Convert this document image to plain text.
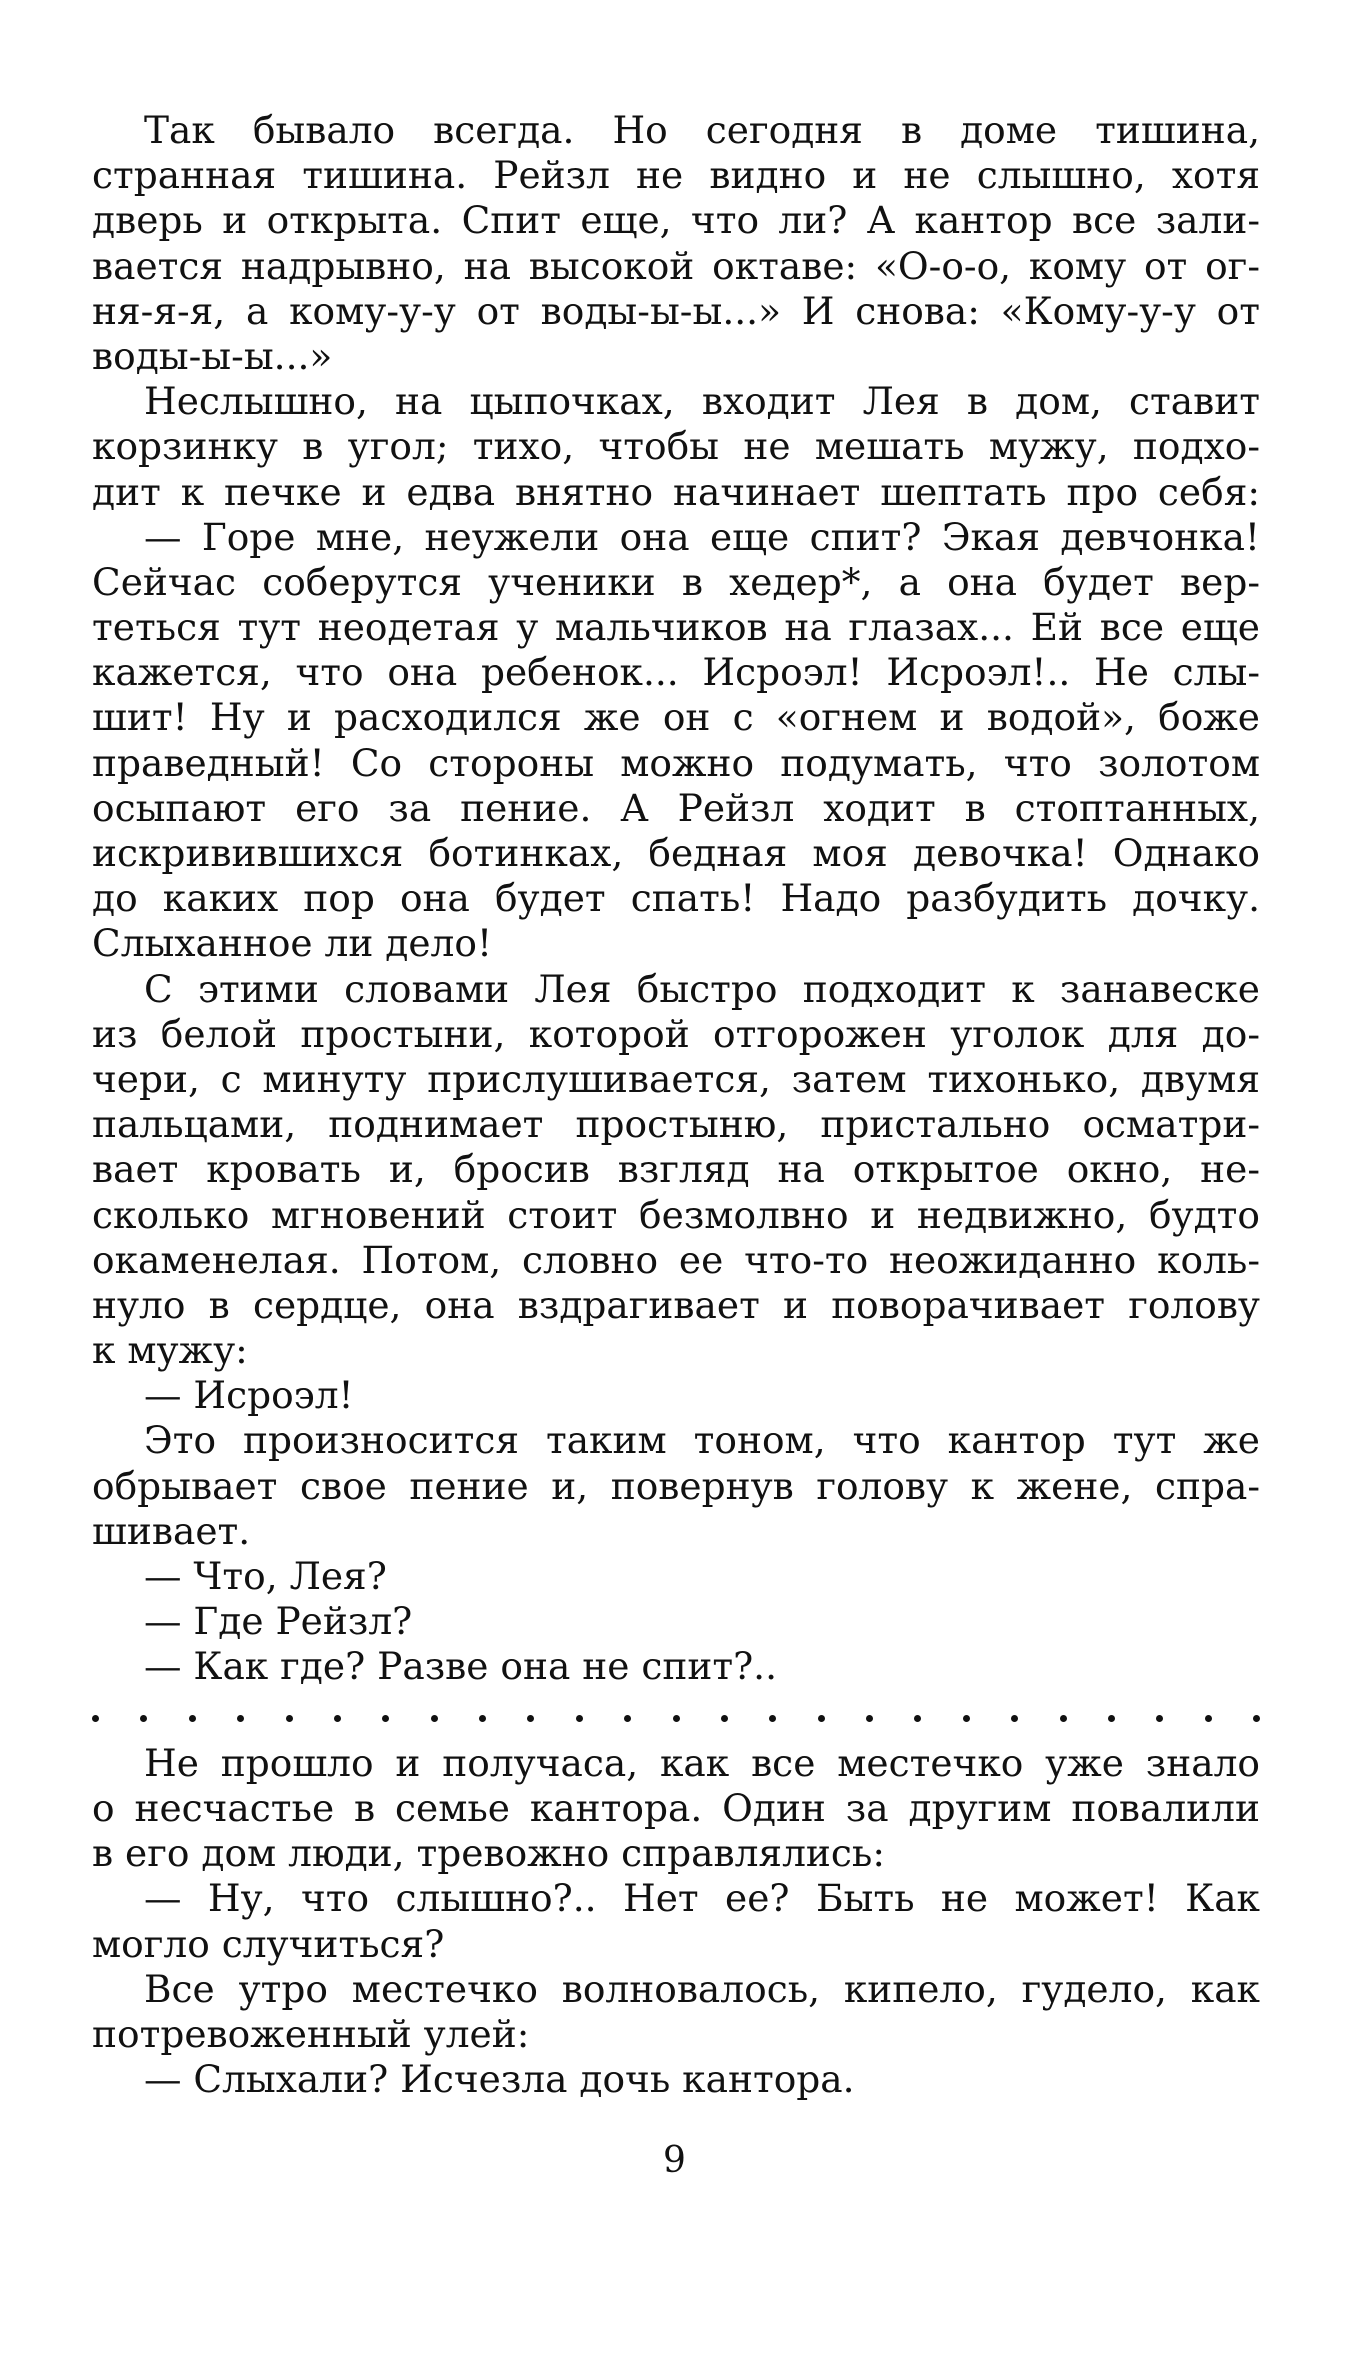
Так бывало всегда. Но сегодня в доме тишина,
странная тишина. Рейзл не видно и не слышно, хотя
дверь и открыта. Спит еще, что ли? А кантор все зали-
вается надрывно, на высокой октаве: «О-о-о, кому от ог-
ня-я-я, а кому-у-у от воды-ы-ы...» И снова: «Кому-у-у от
воды-ы-ы...»
Неслышно, на цыпочках, входит Лея в дом, ставит
корзинку в угол; тихо, чтобы не мешать мужу, подхо-
дит к печке и едва внятно начинает шептать про себя:
— Горе мне, неужели она еще спит? Экая девчонка!
Сейчас соберутся ученики в хедер*, а она будет вер-
теться тут неодетая у мальчиков на глазах... Ей все еще
кажется, что она ребенок... Исроэл! Исроэл!.. Не слы-
шит! Ну и расходился же он с «огнем и водой», боже
праведный! Со стороны можно подумать, что золотом
осыпают его за пение. А Рейзл ходит в стоптанных,
искривившихся ботинках, бедная моя девочка! Однако
до каких пор она будет спать! Надо разбудить дочку.
Слыханное ли дело!
С этими словами Лея быстро подходит к занавеске
из белой простыни, которой отгорожен уголок для до-
чери, с минуту прислушивается, затем тихонько, двумя
пальцами, поднимает простыню, пристально осматри-
вает кровать и, бросив взгляд на открытое окно, не-
сколько мгновений стоит безмолвно и недвижно, будто
окаменелая. Потом, словно ее что-то неожиданно коль-
нуло в сердце, она вздрагивает и поворачивает голову
к мужу:
— Исроэл!
Это произносится таким тоном, что кантор тут же
обрывает свое пение и, повернув голову к жене, спра-
шивает.
— Что, Лея?
— Где Рейзл?
— Как где? Разве она не спит?..
Не прошло и получаса, как все местечко уже знало
о несчастье в семье кантора. Один за другим повалили
в его дом люди, тревожно справлялись:
— Ну, что слышно?.. Нет ее? Быть не может! Как
могло случиться?
Все утро местечко волновалось, кипело, гудело, как
потревоженный улей:
— Слыхали? Исчезла дочь кантора.
9
